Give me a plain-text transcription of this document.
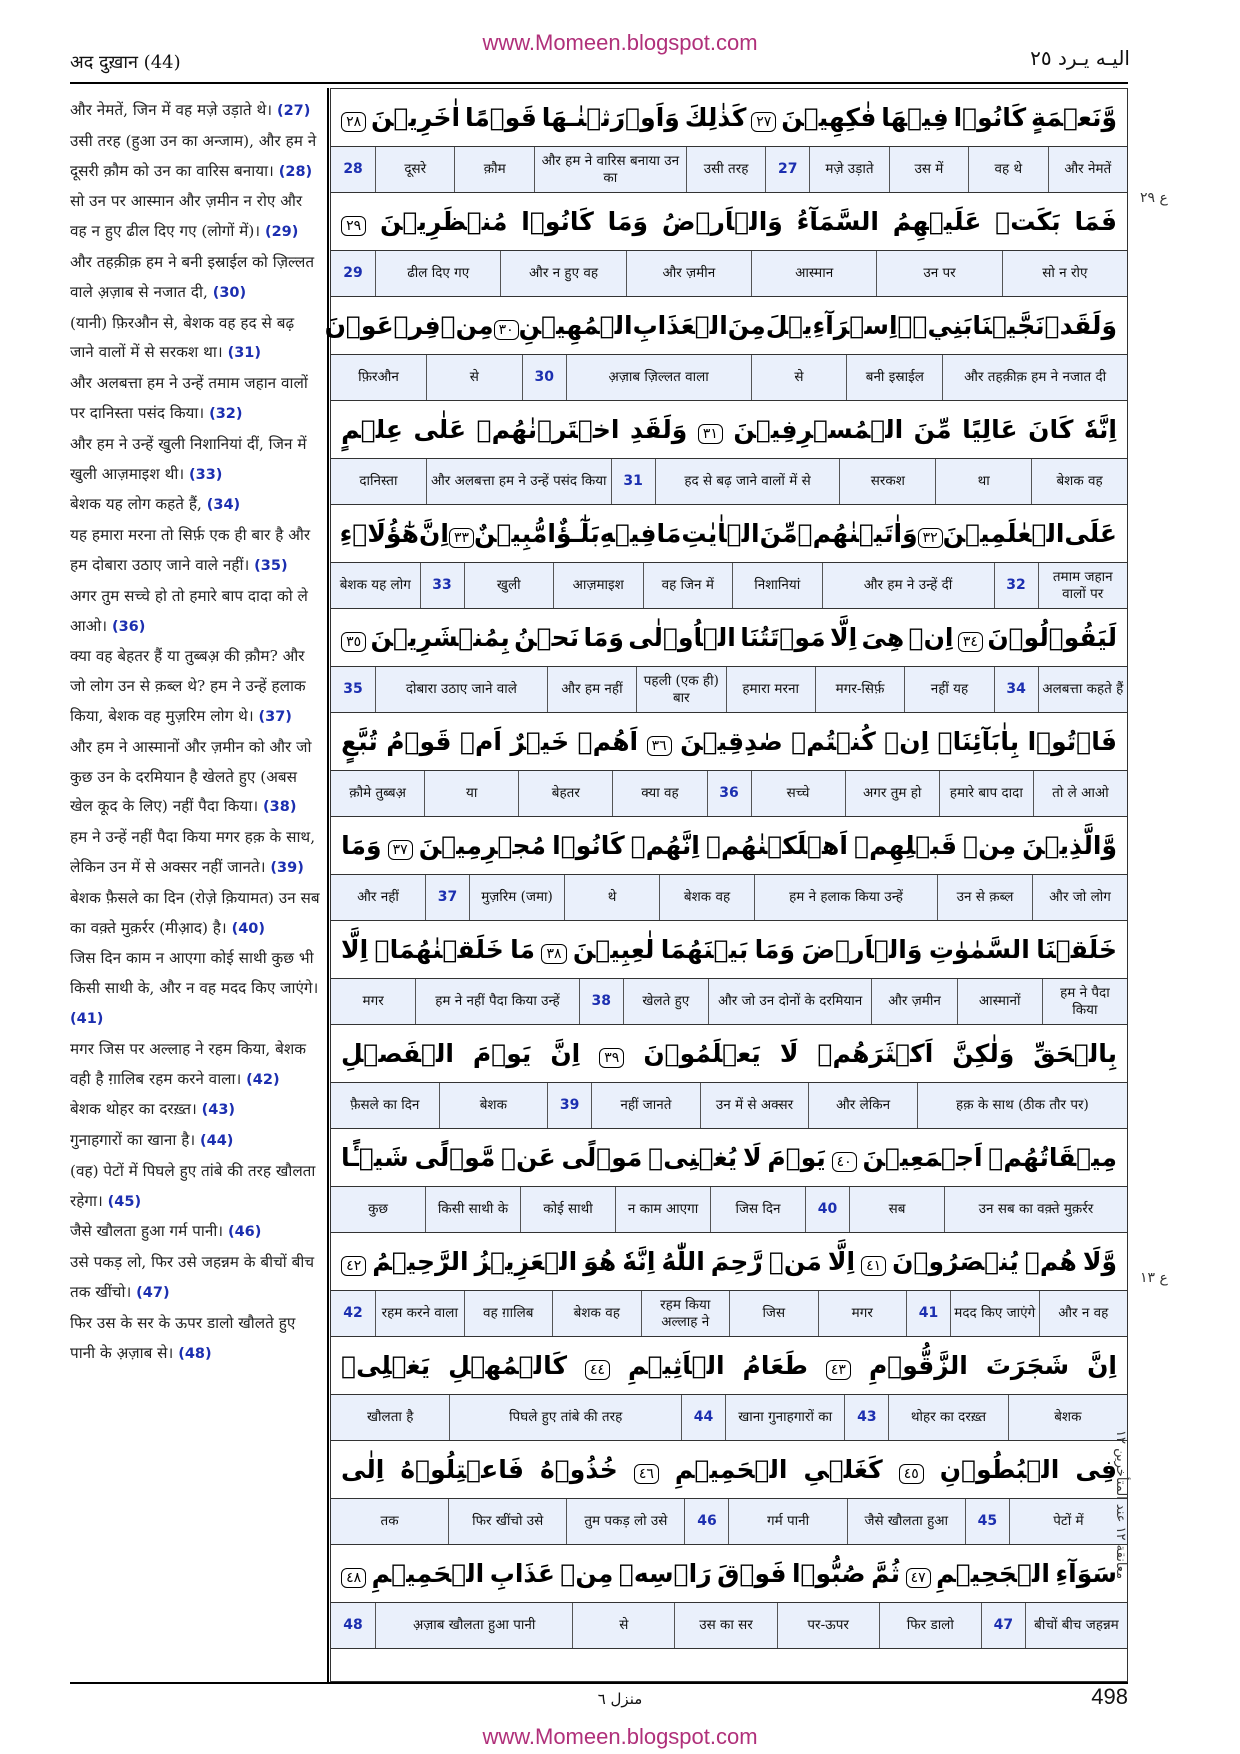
www.Momeen.blogspot.com
अद दुख़ान (44)	اليـه يـرد ٢٥
और नेमतें, जिन में वह मज़े उड़ाते थे। (27)
उसी तरह (हुआ उन का अन्जाम), और हम ने दूसरी क़ौम को उन का वारिस बनाया। (28)
सो उन पर आस्मान और ज़मीन न रोए और वह न हुए ढील दिए गए (लोगों में)। (29)
और तहक़ीक़ हम ने बनी इस्राईल को ज़िल्लत वाले अ़ज़ाब से नजात दी, (30)
(यानी) फ़िरऔन से, बेशक वह हद से बढ़ जाने वालों में से सरकश था। (31)
और अलबत्ता हम ने उन्हें तमाम जहान वालों पर दानिस्ता पसंद किया। (32)
और हम ने उन्हें खुली निशानियां दीं, जिन में खुली आज़माइश थी। (33)
बेशक यह लोग कहते हैं, (34)
यह हमारा मरना तो सिर्फ़ एक ही बार है और हम दोबारा उठाए जाने वाले नहीं। (35)
अगर तुम सच्चे हो तो हमारे बाप दादा को ले आओ। (36)
क्या वह बेहतर हैं या तुब्बअ़ की क़ौम? और जो लोग उन से क़ब्ल थे? हम ने उन्हें हलाक किया, बेशक वह मुज़रिम लोग थे। (37)
और हम ने आस्मानों और ज़मीन को और जो कुछ उन के दरमियान है खेलते हुए (अबस खेल कूद के लिए) नहीं पैदा किया। (38)
हम ने उन्हें नहीं पैदा किया मगर हक़ के साथ, लेकिन उन में से अक्सर नहीं जानते। (39)
बेशक फ़ैसले का दिन (रोज़े क़ियामत) उन सब का वक़्ते मुक़र्रर (मीआ़द) है। (40)
जिस दिन काम न आएगा कोई साथी कुछ भी किसी साथी के, और न वह मदद किए जाएंगे। (41)
मगर जिस पर अल्लाह ने रहम किया, बेशक वही है ग़ालिब रहम करने वाला। (42)
बेशक थोहर का दरख़्त। (43)
गुनाहगारों का खाना है। (44)
(वह) पेटों में पिघले हुए तांबे की तरह खौलता रहेगा। (45)
जैसे खौलता हुआ गर्म पानी। (46)
उसे पकड़ लो, फिर उसे जहन्नम के बीचों बीच तक खींचो। (47)
फिर उस के सर के ऊपर डालो खौलते हुए पानी के अ़ज़ाब से। (48)
وَّنَعۡمَةٍ
كَانُوۡا
فِيۡهَا
فٰكِهِيۡنَ
٢٧
كَذٰلِكَ
وَاَوۡرَثۡنٰـهَا
قَوۡمًا
اٰخَرِيۡنَ
٢٨
और नेमतें
वह थे
उस में
मज़े उड़ाते
27
उसी तरह
और हम ने वारिस बनाया उन का
क़ौम
दूसरे
28
فَمَا
بَكَتۡ
عَلَيۡهِمُ
السَّمَآءُ
وَالۡاَرۡضُ
وَمَا
كَانُوۡا
مُنۡظَرِيۡنَ
٢٩
सो न रोए
उन पर
आस्मान
और ज़मीन
और न हुए वह
ढील दिए गए
29
وَلَقَدۡ
نَجَّيۡنَا
بَنِيۡۤ
اِسۡرَآءِيۡلَ
مِنَ
الۡعَذَابِ
الۡمُهِيۡنِ
٣٠
مِنۡ
فِرۡعَوۡنَ
और तहक़ीक़ हम ने नजात दी
बनी इस्राईल
से
अ़ज़ाब ज़िल्लत वाला
30
से
फ़िरऔन
اِنَّهٗ
كَانَ
عَالِيًا
مِّنَ
الۡمُسۡرِفِيۡنَ
٣١
وَلَقَدِ
اخۡتَرۡنٰهُمۡ
عَلٰى
عِلۡمٍ
बेशक वह
था
सरकश
हद से बढ़ जाने वालों में से
31
और अलबत्ता हम ने उन्हें पसंद किया
दानिस्ता
عَلَى
الۡعٰلَمِيۡنَ
٣٢
وَاٰتَيۡنٰهُمۡ
مِّنَ
الۡاٰيٰتِ
مَا
فِيۡهِ
بَلٰٓـؤٌا
مُّبِيۡنٌ
٣٣
اِنَّ
هٰٓؤُلَاۤءِ
तमाम जहान वालों पर
32
और हम ने उन्हें दीं
निशानियां
वह जिन में
आज़माइश
खुली
33
बेशक यह लोग
لَيَقُوۡلُوۡنَ
٣٤
اِنۡ
هِىَ
اِلَّا
مَوۡتَتُنَا
الۡاُوۡلٰى
وَمَا
نَحۡنُ
بِمُنۡشَرِيۡنَ
٣٥
अलबत्ता कहते हैं
34
नहीं यह
मगर-सिर्फ़
हमारा मरना
पहली (एक ही) बार
और हम नहीं
दोबारा उठाए जाने वाले
35
فَاۡتُوۡا
بِاٰبَآئِنَاۤ
اِنۡ
كُنۡتُمۡ
صٰدِقِيۡنَ
٣٦
اَهُمۡ
خَيۡرٌ
اَمۡ
قَوۡمُ
تُبَّعٍ
तो ले आओ
हमारे बाप दादा
अगर तुम हो
सच्चे
36
क्या वह
बेहतर
या
क़ौमे तुब्बअ़
وَّالَّذِيۡنَ
مِنۡ
قَبۡلِهِمۡ
اَهۡلَكۡنٰهُمۡ
اِنَّهُمۡ
كَانُوۡا
مُجۡرِمِيۡنَ
٣٧
وَمَا
और जो लोग
उन से क़ब्ल
हम ने हलाक किया उन्हें
बेशक वह
थे
मुज़रिम (जमा)
37
और नहीं
خَلَقۡنَا
السَّمٰوٰتِ
وَالۡاَرۡضَ
وَمَا
بَيۡنَهُمَا
لٰعِبِيۡنَ
٣٨
مَا
خَلَقۡنٰهُمَاۤ
اِلَّا
हम ने पैदा किया
आस्मानों
और ज़मीन
और जो उन दोनों के दरमियान
खेलते हुए
38
हम ने नहीं पैदा किया उन्हें
मगर
بِالۡحَقِّ
وَلٰكِنَّ
اَكۡثَرَهُمۡ
لَا
يَعۡلَمُوۡنَ
٣٩
اِنَّ
يَوۡمَ
الۡفَصۡلِ
हक़ के साथ (ठीक तौर पर)
और लेकिन
उन में से अक्सर
नहीं जानते
39
बेशक
फ़ैसले का दिन
مِيۡقَاتُهُمۡ
اَجۡمَعِيۡنَ
٤٠
يَوۡمَ
لَا
يُغۡنِىۡ
مَوۡلًى
عَنۡ
مَّوۡلًى
شَيۡـًٔا
उन सब का वक़्ते मुक़र्रर
सब
40
जिस दिन
न काम आएगा
कोई साथी
किसी साथी के
कुछ
وَّلَا
هُمۡ
يُنۡصَرُوۡنَ
٤١
اِلَّا
مَنۡ
رَّحِمَ
اللّٰهُ
اِنَّهٗ
هُوَ
الۡعَزِيۡزُ
الرَّحِيۡمُ
٤٢
और न वह
मदद किए जाएंगे
41
मगर
जिस
रहम किया अल्लाह ने
बेशक वह
वह ग़ालिब
रहम करने वाला
42
اِنَّ
شَجَرَتَ
الزَّقُّوۡمِ
٤٣
طَعَامُ
الۡاَثِيۡمِ
٤٤
كَالۡمُهۡلِ
يَغۡلِىۡ
बेशक
थोहर का दरख़्त
43
खाना गुनाहगारों का
44
पिघले हुए तांबे की तरह
खौलता है
فِى
الۡبُطُوۡنِ
٤٥
كَغَلۡىِ
الۡحَمِيۡمِ
٤٦
خُذُوۡهُ
فَاعۡتِلُوۡهُ
اِلٰى
पेटों में
45
जैसे खौलता हुआ
गर्म पानी
46
तुम पकड़ लो उसे
फिर खींचो उसे
तक
سَوَآءِ
الۡجَحِيۡمِ
٤٧
ثُمَّ
صُبُّوۡا
فَوۡقَ
رَاۡسِهٖ
مِنۡ
عَذَابِ
الۡحَمِيۡمِ
٤٨
बीचों बीच जहन्नम
47
फिर डालो
पर-ऊपर
उस का सर
से
अ़ज़ाब खौलता हुआ पानी
48
ع ٢٩
ع ١٣
معانقة ١٢ عند المتأخرين ١٢
منزل ٦	498
www.Momeen.blogspot.com
